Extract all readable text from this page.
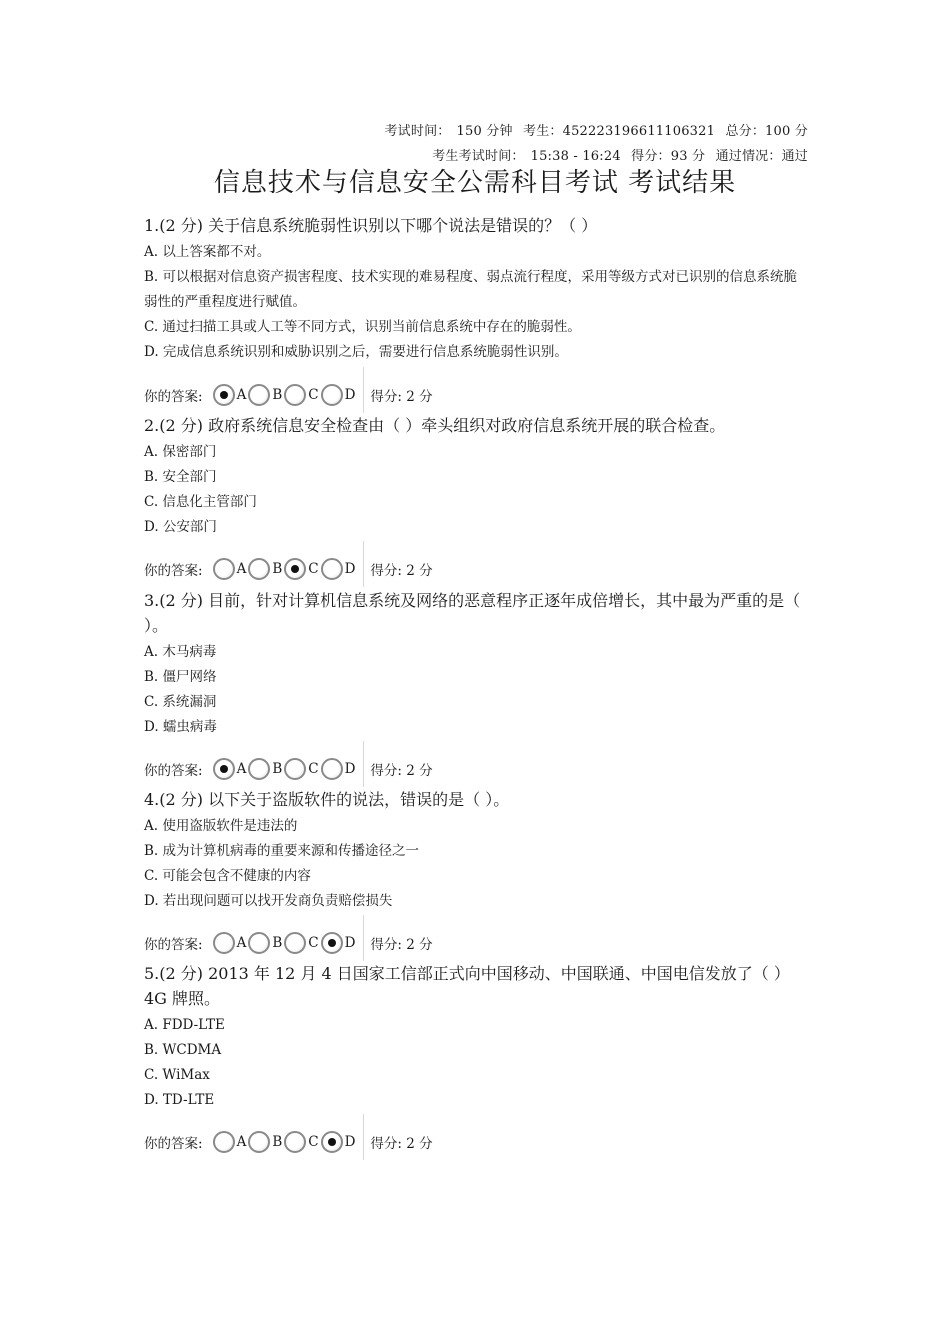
考试时间： 150 分钟 考生：452223196611106321 总分：100 分
考生考试时间： 15:38 - 16:24 得分：93 分 通过情况：通过
信息技术与信息安全公需科目考试 考试结果

1.(2 分) 关于信息系统脆弱性识别以下哪个说法是错误的？（ ）

A. 以上答案都不对。

B. 可以根据对信息资产损害程度、技术实现的难易程度、弱点流行程度，采用等级方式对已识别的信息系统脆弱性的严重程度进行赋值。

C. 通过扫描工具或人工等不同方式，识别当前信息系统中存在的脆弱性。

D. 完成信息系统识别和威胁识别之后，需要进行信息系统脆弱性识别。

你的答案:	A B C D 得分: 2 分

2.(2 分) 政府系统信息安全检查由（ ）牵头组织对政府信息系统开展的联合检查。

A. 保密部门

B. 安全部门

C. 信息化主管部门

D. 公安部门

你的答案:	A B C D 得分: 2 分

3.(2 分) 目前，针对计算机信息系统及网络的恶意程序正逐年成倍增长，其中最为严重的是（ ）。

A. 木马病毒

B. 僵尸网络

C. 系统漏洞

D. 蠕虫病毒

你的答案:	A B C D 得分: 2 分

4.(2 分) 以下关于盗版软件的说法，错误的是（ ）。

A. 使用盗版软件是违法的

B. 成为计算机病毒的重要来源和传播途径之一

C. 可能会包含不健康的内容

D. 若出现问题可以找开发商负责赔偿损失

你的答案:	A B C D 得分: 2 分

5.(2 分) 2013 年 12 月 4 日国家工信部正式向中国移动、中国联通、中国电信发放了（ ）4G 牌照。

A. FDD-LTE

B. WCDMA

C. WiMax

D. TD-LTE

你的答案:	A B C D 得分: 2 分
